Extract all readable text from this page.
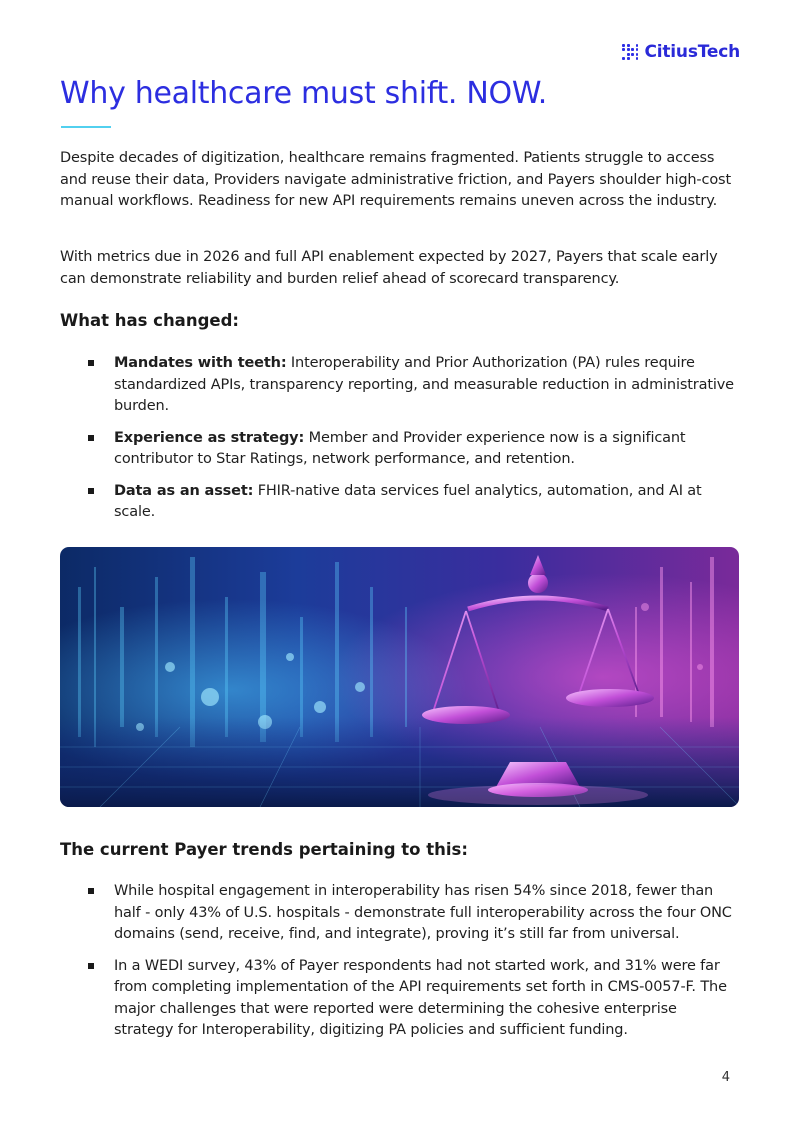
CitiusTech
Why healthcare must shift. NOW.

Despite decades of digitization, healthcare remains fragmented. Patients struggle to access and reuse their data, Providers navigate administrative friction, and Payers shoulder high-cost manual workflows. Readiness for new API requirements remains uneven across the industry.

With metrics due in 2026 and full API enablement expected by 2027, Payers that scale early can demonstrate reliability and burden relief ahead of scorecard transparency.

What has changed:
Mandates with teeth: Interoperability and Prior Authorization (PA) rules require standardized APIs, transparency reporting, and measurable reduction in administrative burden.
Experience as strategy: Member and Provider experience now is a significant contributor to Star Ratings, network performance, and retention.
Data as an asset: FHIR-native data services fuel analytics, automation, and AI at scale.
The current Payer trends pertaining to this:
While hospital engagement in interoperability has risen 54% since 2018, fewer than half - only 43% of U.S. hospitals - demonstrate full interoperability across the four ONC domains (send, receive, find, and integrate), proving it’s still far from universal.
In a WEDI survey, 43% of Payer respondents had not started work, and 31% were far from completing implementation of the API requirements set forth in CMS-0057-F. The major challenges that were reported were determining the cohesive enterprise strategy for Interoperability, digitizing PA policies and sufficient funding.
4
